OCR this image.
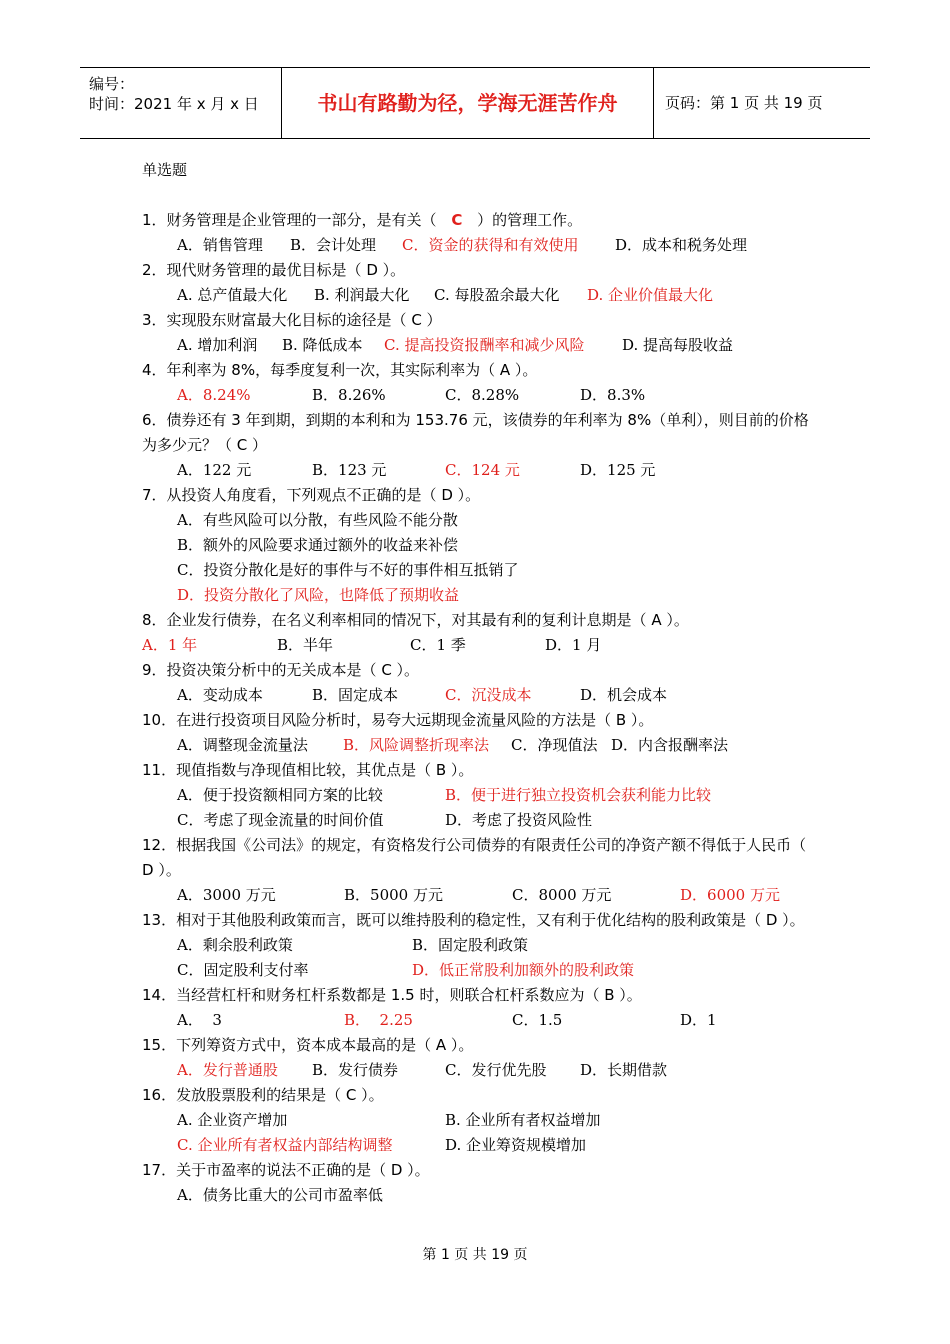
编号：
时间：2021 年 x 月 x 日	书山有路勤为径，学海无涯苦作舟	页码：第 1 页 共 19 页
单选题
1．财务管理是企业管理的一部分，是有关（ C ）的管理工作。
A．销售管理 B．会计处理 C．资金的获得和有效使用 D．成本和税务处理
2．现代财务管理的最优目标是（ D ）。
A. 总产值最大化 B. 利润最大化 C. 每股盈余最大化 D. 企业价值最大化
3．实现股东财富最大化目标的途径是（ C ）
A. 增加利润 B. 降低成本 C. 提高投资报酬率和减少风险	D. 提高每股收益
4．年利率为 8%，每季度复利一次，其实际利率为（ A ）。
A．8.24%	B．8.26%	C．8.28%	D．8.3%
6．债券还有 3 年到期，到期的本利和为 153.76 元，该债券的年利率为 8%（单利），则目前的价格为多少元？（ C ）
A．122 元	B．123 元	C．124 元	D．125 元
7．从投资人角度看，下列观点不正确的是（ D ）。
A．有些风险可以分散，有些风险不能分散
B．额外的风险要求通过额外的收益来补偿
C．投资分散化是好的事件与不好的事件相互抵销了
D．投资分散化了风险，也降低了预期收益
8．企业发行债券，在名义利率相同的情况下，对其最有利的复利计息期是（ A ）。
A．1 年	B．半年	C．1 季	D．1 月
9．投资决策分析中的无关成本是（ C ）。
A．变动成本	B．固定成本	C．沉没成本	D．机会成本
10．在进行投资项目风险分析时，易夸大远期现金流量风险的方法是（ B ）。
A．调整现金流量法 B．风险调整折现率法 C．净现值法 D．内含报酬率法
11．现值指数与净现值相比较，其优点是（ B ）。
A．便于投资额相同方案的比较	B．便于进行独立投资机会获利能力比较
C．考虑了现金流量的时间价值	D．考虑了投资风险性
12．根据我国《公司法》的规定，有资格发行公司债券的有限责任公司的净资产额不得低于人民币（ D ）。
A．3000 万元	B．5000 万元	C．8000 万元	D．6000 万元
13．相对于其他股利政策而言，既可以维持股利的稳定性，又有利于优化结构的股利政策是（ D ）。
A．剩余股利政策	B．固定股利政策
C．固定股利支付率	D．低正常股利加额外的股利政策
14．当经营杠杆和财务杠杆系数都是 1.5 时，则联合杠杆系数应为（ B ）。
A．  3	B．  2.25	C．1.5	D．1
15．下列筹资方式中，资本成本最高的是（ A ）。
A．发行普通股 B．发行债券	C．发行优先股 D．长期借款
16．发放股票股利的结果是（ C ）。
A. 企业资产增加	B. 企业所有者权益增加
C. 企业所有者权益内部结构调整	D. 企业筹资规模增加
17．关于市盈率的说法不正确的是（ D ）。
A．债务比重大的公司市盈率低
第 1 页 共 19 页
